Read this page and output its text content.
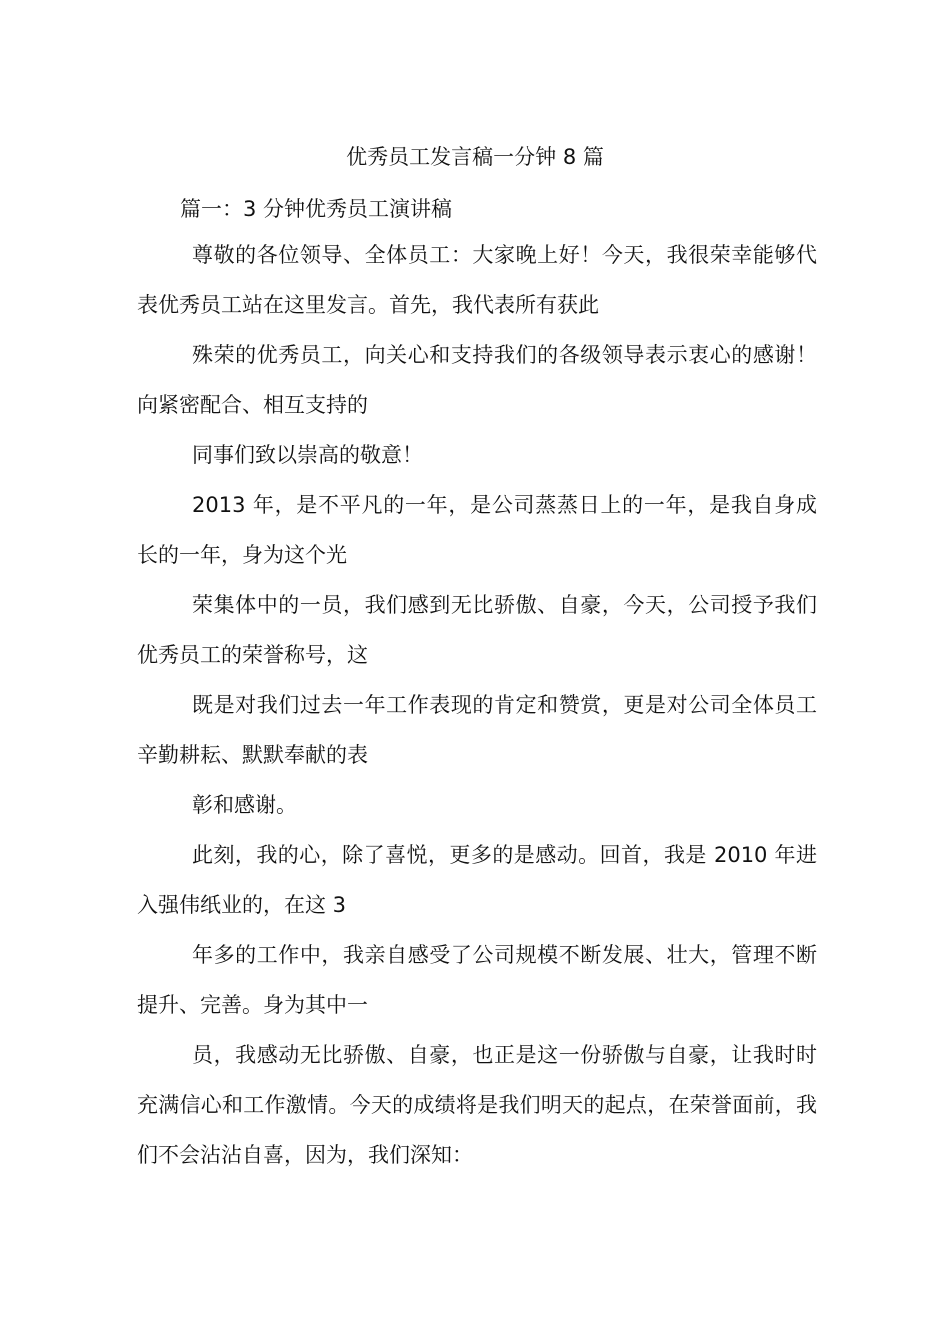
优秀员工发言稿一分钟 8 篇
篇一：3 分钟优秀员工演讲稿

尊敬的各位领导、全体员工：大家晚上好！今天，我很荣幸能够代表优秀员工站在这里发言。首先，我代表所有获此

殊荣的优秀员工，向关心和支持我们的各级领导表示衷心的感谢！向紧密配合、相互支持的

同事们致以崇高的敬意！

2013 年，是不平凡的一年，是公司蒸蒸日上的一年，是我自身成长的一年，身为这个光

荣集体中的一员，我们感到无比骄傲、自豪，今天，公司授予我们优秀员工的荣誉称号，这

既是对我们过去一年工作表现的肯定和赞赏，更是对公司全体员工辛勤耕耘、默默奉献的表

彰和感谢。

此刻，我的心，除了喜悦，更多的是感动。回首，我是 2010 年进入强伟纸业的，在这 3

年多的工作中，我亲自感受了公司规模不断发展、壮大，管理不断提升、完善。身为其中一

员，我感动无比骄傲、自豪，也正是这一份骄傲与自豪，让我时时充满信心和工作激情。今天的成绩将是我们明天的起点，在荣誉面前，我们不会沾沾自喜，因为，我们深知：
